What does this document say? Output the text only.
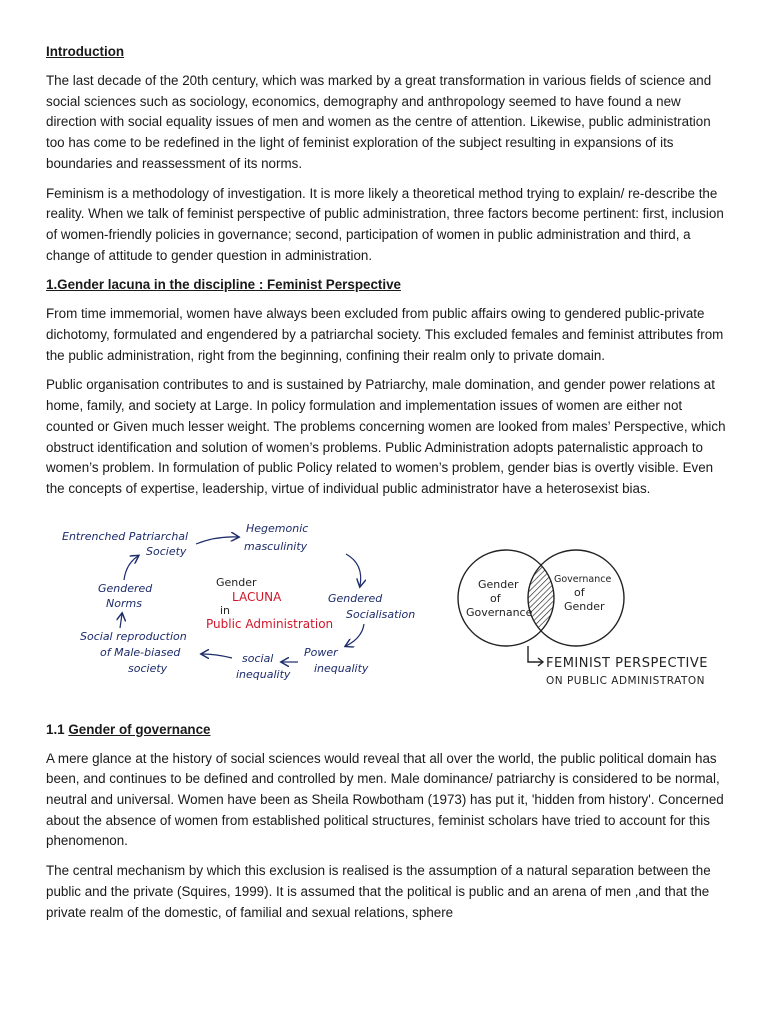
Introduction

The last decade of the 20th century, which was marked by a great transformation in various fields of science and social sciences such as sociology, economics, demography and anthropology seemed to have found a new direction with social equality issues of men and women as the centre of attention. Likewise, public administration too has come to be redefined in the light of feminist exploration of the subject resulting in expansions of its boundaries and reassessment of its norms.

Feminism is a methodology of investigation. It is more likely a theoretical method trying to explain/ re-describe the reality. When we talk of feminist perspective of public administration, three factors become pertinent: first, inclusion of women-friendly policies in governance; second, participation of women in public administration and third, a change of attitude to gender question in administration.

1.Gender lacuna in the discipline : Feminist Perspective

From time immemorial, women have always been excluded from public affairs owing to gendered public-private dichotomy, formulated and engendered by a patriarchal society. This excluded females and feminist attributes from the public administration, right from the beginning, confining their realm only to private domain.

Public organisation contributes to and is sustained by Patriarchy, male domination, and gender power relations at home, family, and society at Large. In policy formulation and implementation issues of women are either not counted or Given much lesser weight. The problems concerning women are looked from males’ Perspective, which obstruct identification and solution of women’s problems. Public Administration adopts paternalistic approach to women’s problem. In formulation of public Policy related to women’s problem, gender bias is overtly visible. Even the concepts of expertise, leadership, virtue of individual public administrator have a heterosexist bias.

Entrenched Patriarchal
Society
Hegemonic
masculinity
Gendered
Norms
Gender
LACUNA
in
Public Administration
Gendered
Socialisation
Social reproduction
of Male-biased
society
social
inequality
Power
inequality
Gender
of
Governance
Governance
of
Gender
FEMINIST PERSPECTIVE
ON PUBLIC ADMINISTRATON
1.1 Gender of governance

A mere glance at the history of social sciences would reveal that all over the world, the public political domain has been, and continues to be defined and controlled by men. Male dominance/ patriarchy is considered to be normal, neutral and universal. Women have been as Sheila Rowbotham (1973) has put it, 'hidden from history'. Concerned about the absence of women from established political structures, feminist scholars have tried to account for this phenomenon.

The central mechanism by which this exclusion is realised is the assumption of a natural separation between the public and the private (Squires, 1999). It is assumed that the political is public and an arena of men ,and that the private realm of the domestic, of familial and sexual relations, sphere
